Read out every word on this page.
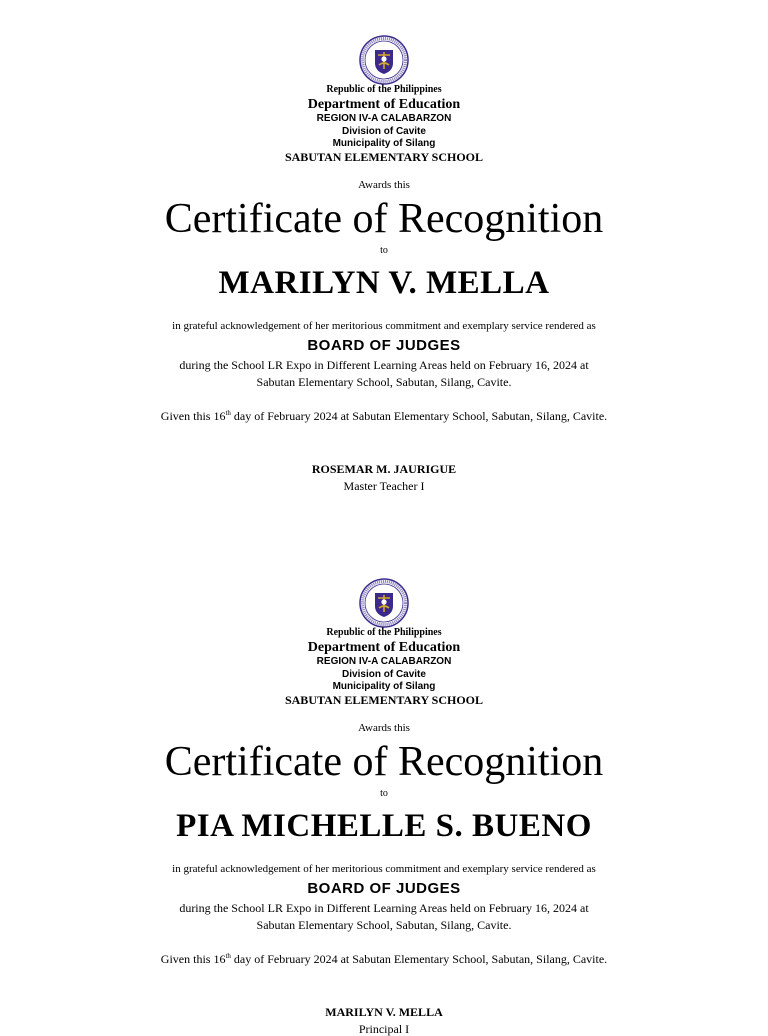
Republic of the Philippines
Department of Education
REGION IV-A CALABARZON
Division of Cavite
Municipality of Silang
SABUTAN ELEMENTARY SCHOOL
Awards this
Certificate of Recognition
to
MARILYN V. MELLA
in grateful acknowledgement of her meritorious commitment and exemplary service rendered as
BOARD OF JUDGES
during the School LR Expo in Different Learning Areas held on February 16, 2024 at
Sabutan Elementary School, Sabutan, Silang, Cavite.
Given this 16th day of February 2024 at Sabutan Elementary School, Sabutan, Silang, Cavite.
ROSEMAR M. JAURIGUE
Master Teacher I
Republic of the Philippines
Department of Education
REGION IV-A CALABARZON
Division of Cavite
Municipality of Silang
SABUTAN ELEMENTARY SCHOOL
Awards this
Certificate of Recognition
to
PIA MICHELLE S. BUENO
in grateful acknowledgement of her meritorious commitment and exemplary service rendered as
BOARD OF JUDGES
during the School LR Expo in Different Learning Areas held on February 16, 2024 at
Sabutan Elementary School, Sabutan, Silang, Cavite.
Given this 16th day of February 2024 at Sabutan Elementary School, Sabutan, Silang, Cavite.
MARILYN V. MELLA
Principal I
